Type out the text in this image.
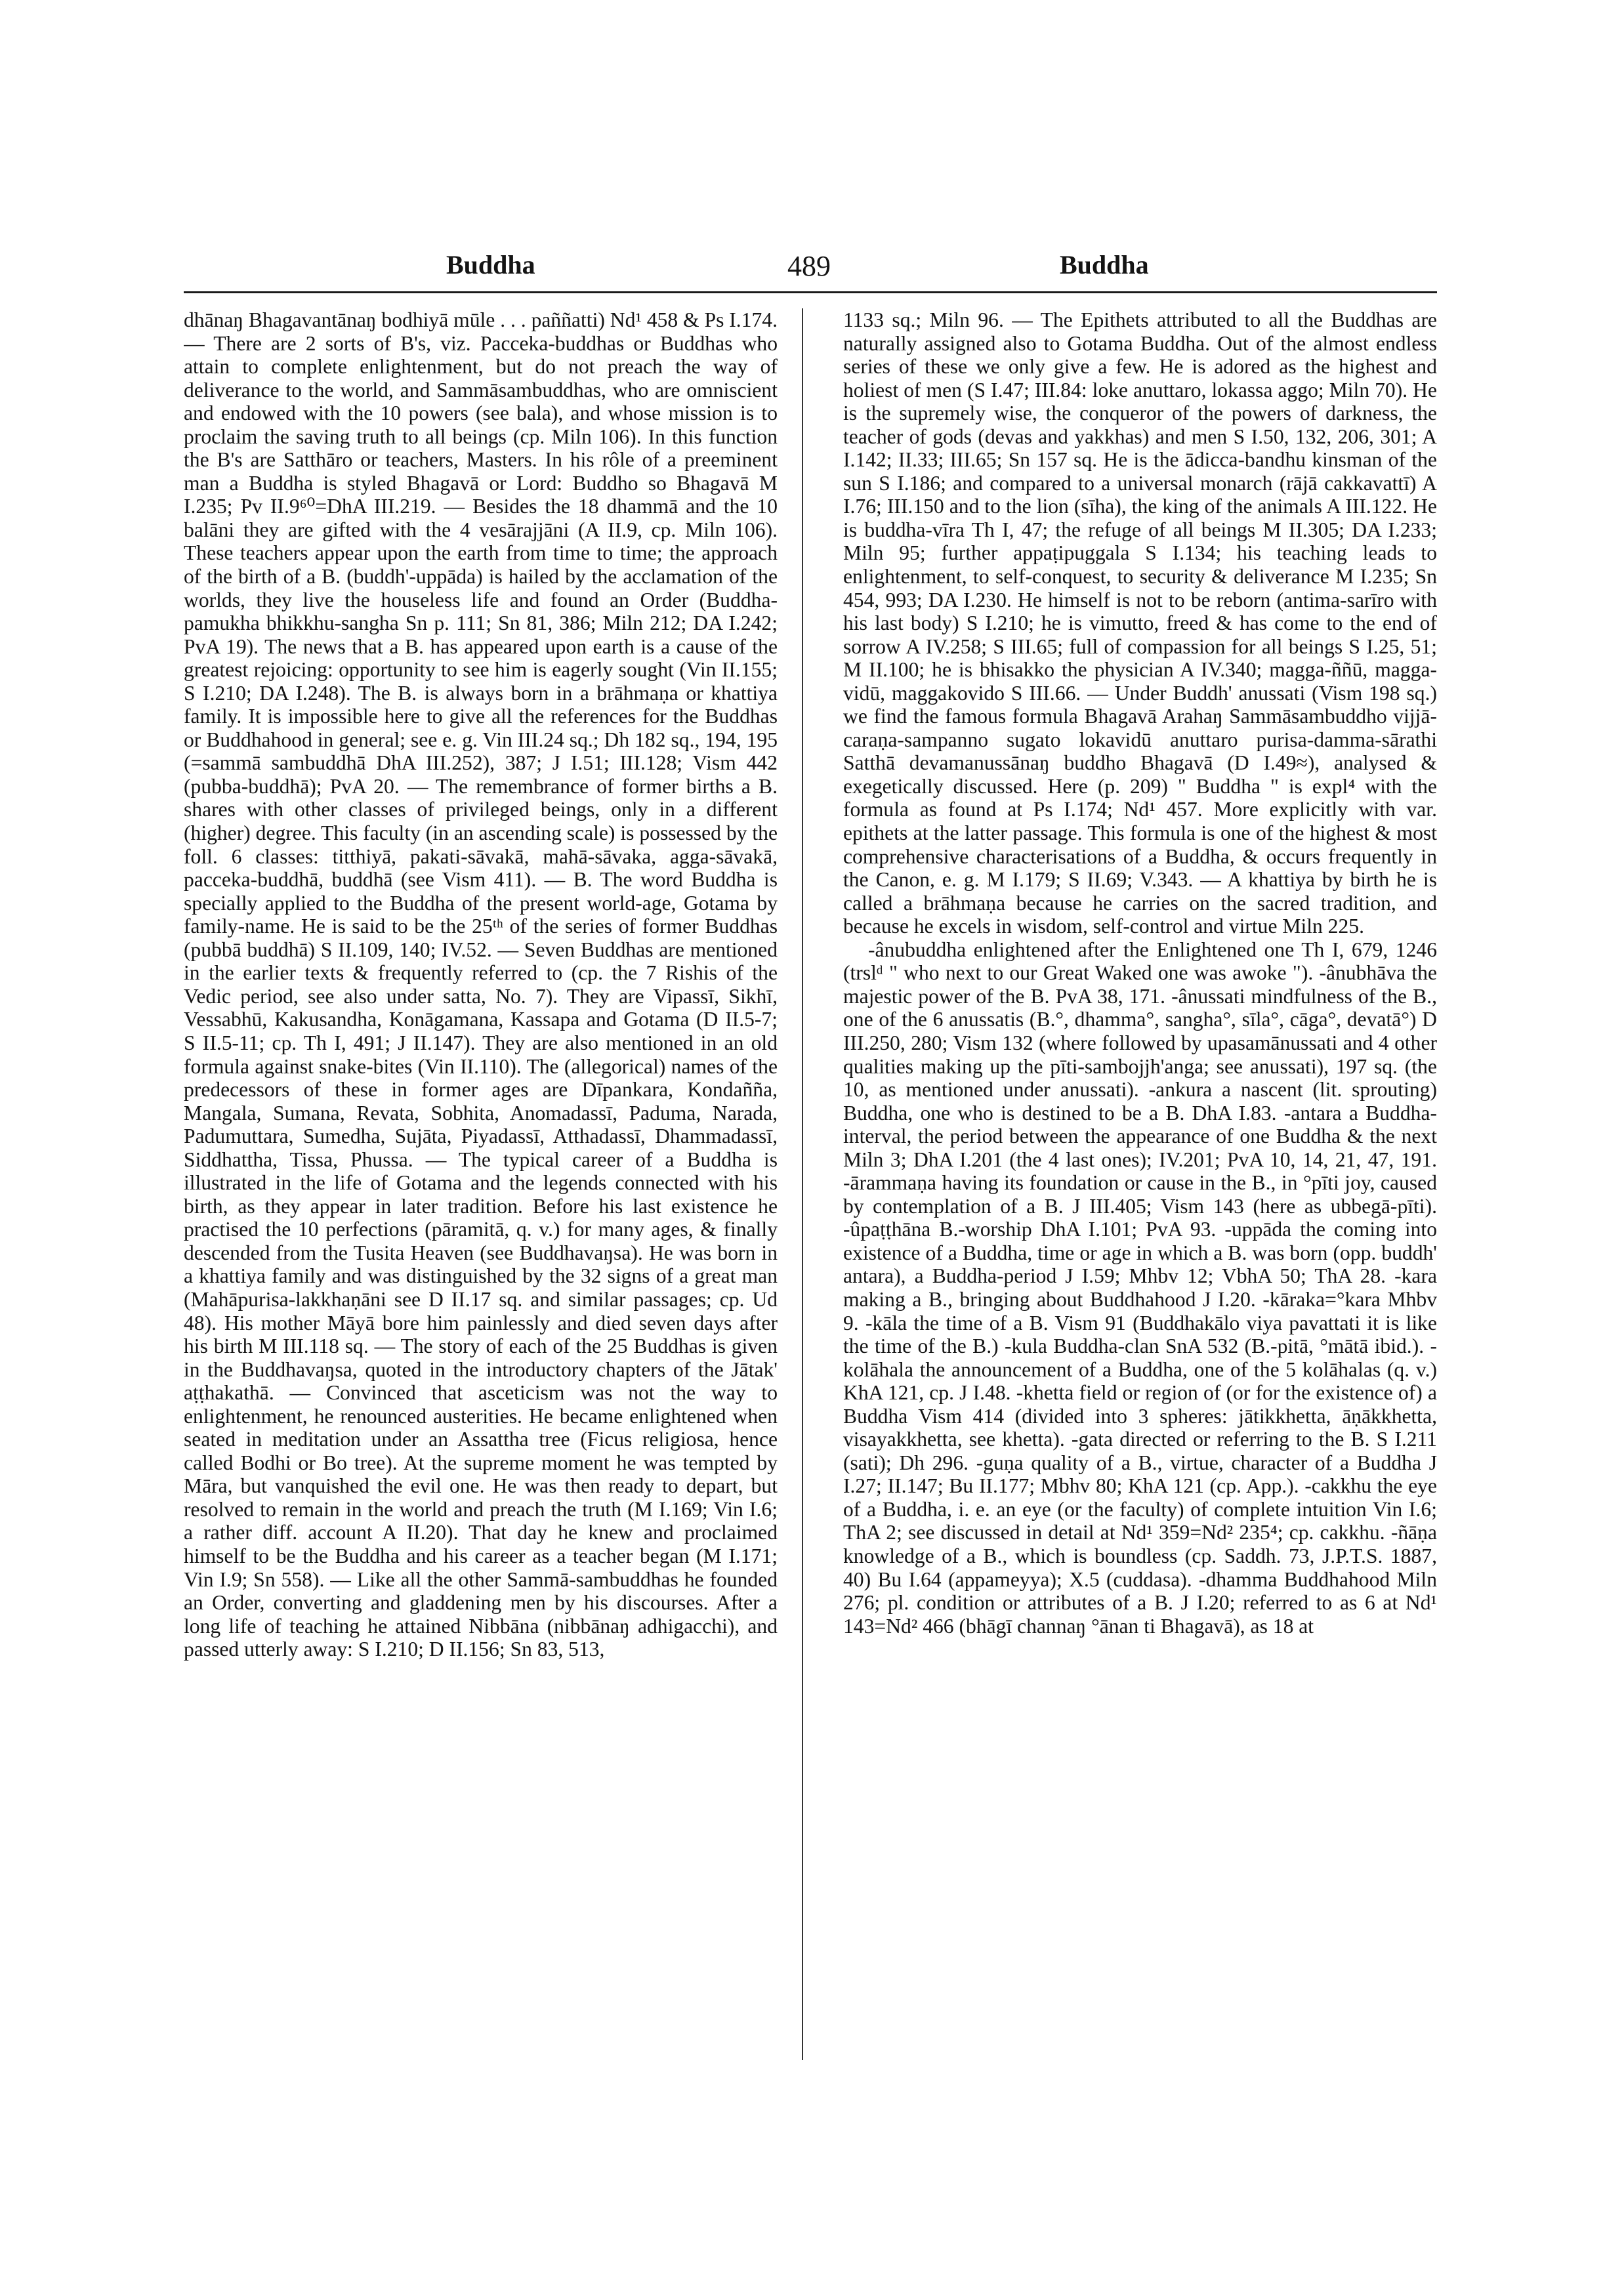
Buddha	489	Buddha

dhānaŋ Bhagavantānaŋ bodhiyā mūle . . . paññatti) Nd¹ 458 & Ps I.174. — There are 2 sorts of B's, viz. Pacceka-buddhas or Buddhas who attain to complete enlightenment, but do not preach the way of deliverance to the world, and Sammāsambuddhas, who are omniscient and endowed with the 10 powers (see bala), and whose mission is to proclaim the saving truth to all beings (cp. Miln 106). In this function the B's are Satthāro or teachers, Masters. In his rôle of a preeminent man a Buddha is styled Bhagavā or Lord: Buddho so Bhagavā M I.235; Pv II.9⁶⁰=DhA III.219. — Besides the 18 dhammā and the 10 balāni they are gifted with the 4 vesārajjāni (A II.9, cp. Miln 106). These teachers appear upon the earth from time to time; the approach of the birth of a B. (buddh'-uppāda) is hailed by the acclamation of the worlds, they live the houseless life and found an Order (Buddha-pamukha bhikkhu-sangha Sn p. 111; Sn 81, 386; Miln 212; DA I.242; PvA 19). The news that a B. has appeared upon earth is a cause of the greatest rejoicing: opportunity to see him is eagerly sought (Vin II.155; S I.210; DA I.248). The B. is always born in a brāhmaṇa or khattiya family. It is impossible here to give all the references for the Buddhas or Buddhahood in general; see e. g. Vin III.24 sq.; Dh 182 sq., 194, 195 (=sammā sambuddhā DhA III.252), 387; J I.51; III.128; Vism 442 (pubba-buddhā); PvA 20. — The remembrance of former births a B. shares with other classes of privileged beings, only in a different (higher) degree. This faculty (in an ascending scale) is possessed by the foll. 6 classes: titthiyā, pakati-sāvakā, mahā-sāvaka, agga-sāvakā, pacceka-buddhā, buddhā (see Vism 411). — B. The word Buddha is specially applied to the Buddha of the present world-age, Gotama by family-name. He is said to be the 25ᵗʰ of the series of former Buddhas (pubbā buddhā) S II.109, 140; IV.52. — Seven Buddhas are mentioned in the earlier texts & frequently referred to (cp. the 7 Rishis of the Vedic period, see also under satta, No. 7). They are Vipassī, Sikhī, Vessabhū, Kakusandha, Konāgamana, Kassapa and Gotama (D II.5-7; S II.5-11; cp. Th I, 491; J II.147). They are also mentioned in an old formula against snake-bites (Vin II.110). The (allegorical) names of the predecessors of these in former ages are Dīpankara, Kondañña, Mangala, Sumana, Revata, Sobhita, Anomadassī, Paduma, Narada, Padumuttara, Sumedha, Sujāta, Piyadassī, Atthadassī, Dhammadassī, Siddhattha, Tissa, Phussa. — The typical career of a Buddha is illustrated in the life of Gotama and the legends connected with his birth, as they appear in later tradition. Before his last existence he practised the 10 perfections (pāramitā, q. v.) for many ages, & finally descended from the Tusita Heaven (see Buddhavaŋsa). He was born in a khattiya family and was distinguished by the 32 signs of a great man (Mahāpurisa-lakkhaṇāni see D II.17 sq. and similar passages; cp. Ud 48). His mother Māyā bore him painlessly and died seven days after his birth M III.118 sq. — The story of each of the 25 Buddhas is given in the Buddhavaŋsa, quoted in the introductory chapters of the Jātak' aṭṭhakathā. — Convinced that asceticism was not the way to enlightenment, he renounced austerities. He became enlightened when seated in meditation under an Assattha tree (Ficus religiosa, hence called Bodhi or Bo tree). At the supreme moment he was tempted by Māra, but vanquished the evil one. He was then ready to depart, but resolved to remain in the world and preach the truth (M I.169; Vin I.6; a rather diff. account A II.20). That day he knew and proclaimed himself to be the Buddha and his career as a teacher began (M I.171; Vin I.9; Sn 558). — Like all the other Sammā-sambuddhas he founded an Order, converting and gladdening men by his discourses. After a long life of teaching he attained Nibbāna (nibbānaŋ adhigacchi), and passed utterly away: S I.210; D II.156; Sn 83, 513,

1133 sq.; Miln 96. — The Epithets attributed to all the Buddhas are naturally assigned also to Gotama Buddha. Out of the almost endless series of these we only give a few. He is adored as the highest and holiest of men (S I.47; III.84: loke anuttaro, lokassa aggo; Miln 70). He is the supremely wise, the conqueror of the powers of darkness, the teacher of gods (devas and yakkhas) and men S I.50, 132, 206, 301; A I.142; II.33; III.65; Sn 157 sq. He is the ādicca-bandhu kinsman of the sun S I.186; and compared to a universal monarch (rājā cakkavattī) A I.76; III.150 and to the lion (sīha), the king of the animals A III.122. He is buddha-vīra Th I, 47; the refuge of all beings M II.305; DA I.233; Miln 95; further appaṭipuggala S I.134; his teaching leads to enlightenment, to self-conquest, to security & deliverance M I.235; Sn 454, 993; DA I.230. He himself is not to be reborn (antima-sarīro with his last body) S I.210; he is vimutto, freed & has come to the end of sorrow A IV.258; S III.65; full of compassion for all beings S I.25, 51; M II.100; he is bhisakko the physician A IV.340; magga-ññū, magga-vidū, maggakovido S III.66. — Under Buddh' anussati (Vism 198 sq.) we find the famous formula Bhagavā Arahaŋ Sammāsambuddho vijjā-caraṇa-sampanno sugato lokavidū anuttaro purisa-damma-sārathi Satthā devamanussānaŋ buddho Bhagavā (D I.49≈), analysed & exegetically discussed. Here (p. 209) " Buddha " is expl⁴ with the formula as found at Ps I.174; Nd¹ 457. More explicitly with var. epithets at the latter passage. This formula is one of the highest & most comprehensive characterisations of a Buddha, & occurs frequently in the Canon, e. g. M I.179; S II.69; V.343. — A khattiya by birth he is called a brāhmaṇa because he carries on the sacred tradition, and because he excels in wisdom, self-control and virtue Miln 225.

-ânubuddha enlightened after the Enlightened one Th I, 679, 1246 (trslᵈ " who next to our Great Waked one was awoke "). -ânubhāva the majestic power of the B. PvA 38, 171. -ânussati mindfulness of the B., one of the 6 anussatis (B.°, dhamma°, sangha°, sīla°, cāga°, devatā°) D III.250, 280; Vism 132 (where followed by upasamānussati and 4 other qualities making up the pīti-sambojjh'anga; see anussati), 197 sq. (the 10, as mentioned under anussati). -ankura a nascent (lit. sprouting) Buddha, one who is destined to be a B. DhA I.83. -antara a Buddha-interval, the period between the appearance of one Buddha & the next Miln 3; DhA I.201 (the 4 last ones); IV.201; PvA 10, 14, 21, 47, 191. -ārammaṇa having its foundation or cause in the B., in °pīti joy, caused by contemplation of a B. J III.405; Vism 143 (here as ubbegā-pīti). -ûpaṭṭhāna B.-worship DhA I.101; PvA 93. -uppāda the coming into existence of a Buddha, time or age in which a B. was born (opp. buddh' antara), a Buddha-period J I.59; Mhbv 12; VbhA 50; ThA 28. -kara making a B., bringing about Buddhahood J I.20. -kāraka=°kara Mhbv 9. -kāla the time of a B. Vism 91 (Buddhakālo viya pavattati it is like the time of the B.) -kula Buddha-clan SnA 532 (B.-pitā, °mātā ibid.). -kolāhala the announcement of a Buddha, one of the 5 kolāhalas (q. v.) KhA 121, cp. J I.48. -khetta field or region of (or for the existence of) a Buddha Vism 414 (divided into 3 spheres: jātikkhetta, āṇākkhetta, visayakkhetta, see khetta). -gata directed or referring to the B. S I.211 (sati); Dh 296. -guṇa quality of a B., virtue, character of a Buddha J I.27; II.147; Bu II.177; Mbhv 80; KhA 121 (cp. App.). -cakkhu the eye of a Buddha, i. e. an eye (or the faculty) of complete intuition Vin I.6; ThA 2; see discussed in detail at Nd¹ 359=Nd² 235⁴; cp. cakkhu. -ñāṇa knowledge of a B., which is boundless (cp. Saddh. 73, J.P.T.S. 1887, 40) Bu I.64 (appameyya); X.5 (cuddasa). -dhamma Buddhahood Miln 276; pl. condition or attributes of a B. J I.20; referred to as 6 at Nd¹ 143=Nd² 466 (bhāgī channaŋ °ānan ti Bhagavā), as 18 at
